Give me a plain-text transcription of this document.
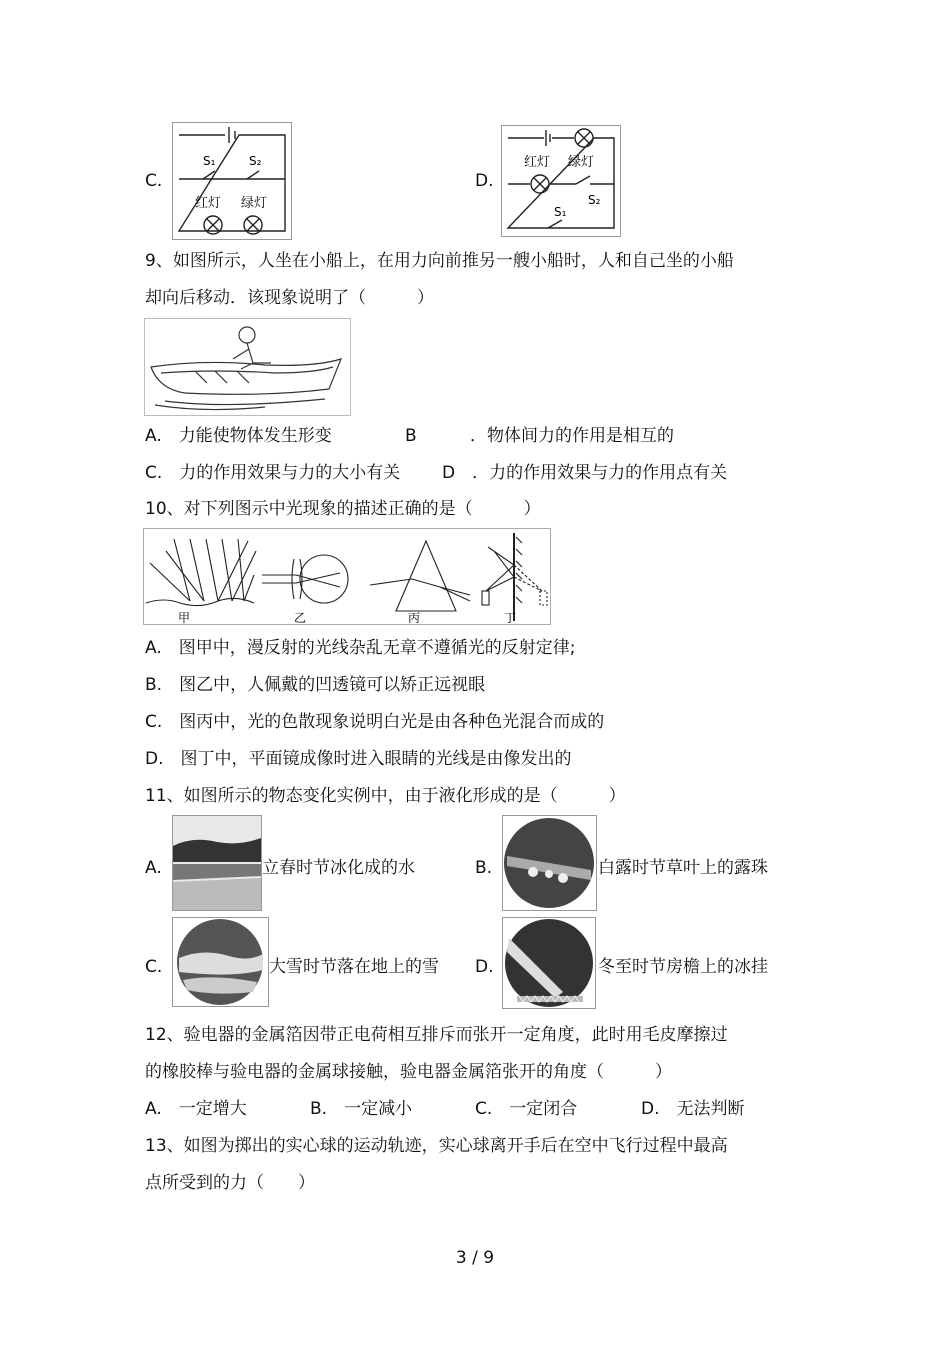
C.
S₁	S₂
红灯 绿灯
D.
红灯 绿灯
S₂
S₁
9、如图所示，人坐在小船上，在用力向前推另一艘小船时，人和自己坐的小船
却向后移动．该现象说明了（　　　）
A.　力能使物体发生形变	B	．物体间力的作用是相互的
C.　力的作用效果与力的大小有关 D　．力的作用效果与力的作用点有关
10、对下列图示中光现象的描述正确的是（　　　）
甲	乙	丙	丁
A.　图甲中，漫反射的光线杂乱无章不遵循光的反射定律;
B.　图乙中，人佩戴的凹透镜可以矫正远视眼
C.　图丙中，光的色散现象说明白光是由各种色光混合而成的
D.　图丁中，平面镜成像时进入眼睛的光线是由像发出的
11、如图所示的物态变化实例中，由于液化形成的是（　　　）
A.	立春时节冰化成的水	B.	白露时节草叶上的露珠
C.	大雪时节落在地上的雪 D.	冬至时节房檐上的冰挂
12、验电器的金属箔因带正电荷相互排斥而张开一定角度，此时用毛皮摩擦过
的橡胶棒与验电器的金属球接触，验电器金属箔张开的角度（　　　）
A.　一定增大	B.　一定减小	C.　一定闭合	D.　无法判断
13、如图为掷出的实心球的运动轨迹，实心球离开手后在空中飞行过程中最高
点所受到的力（　　）
3 / 9
